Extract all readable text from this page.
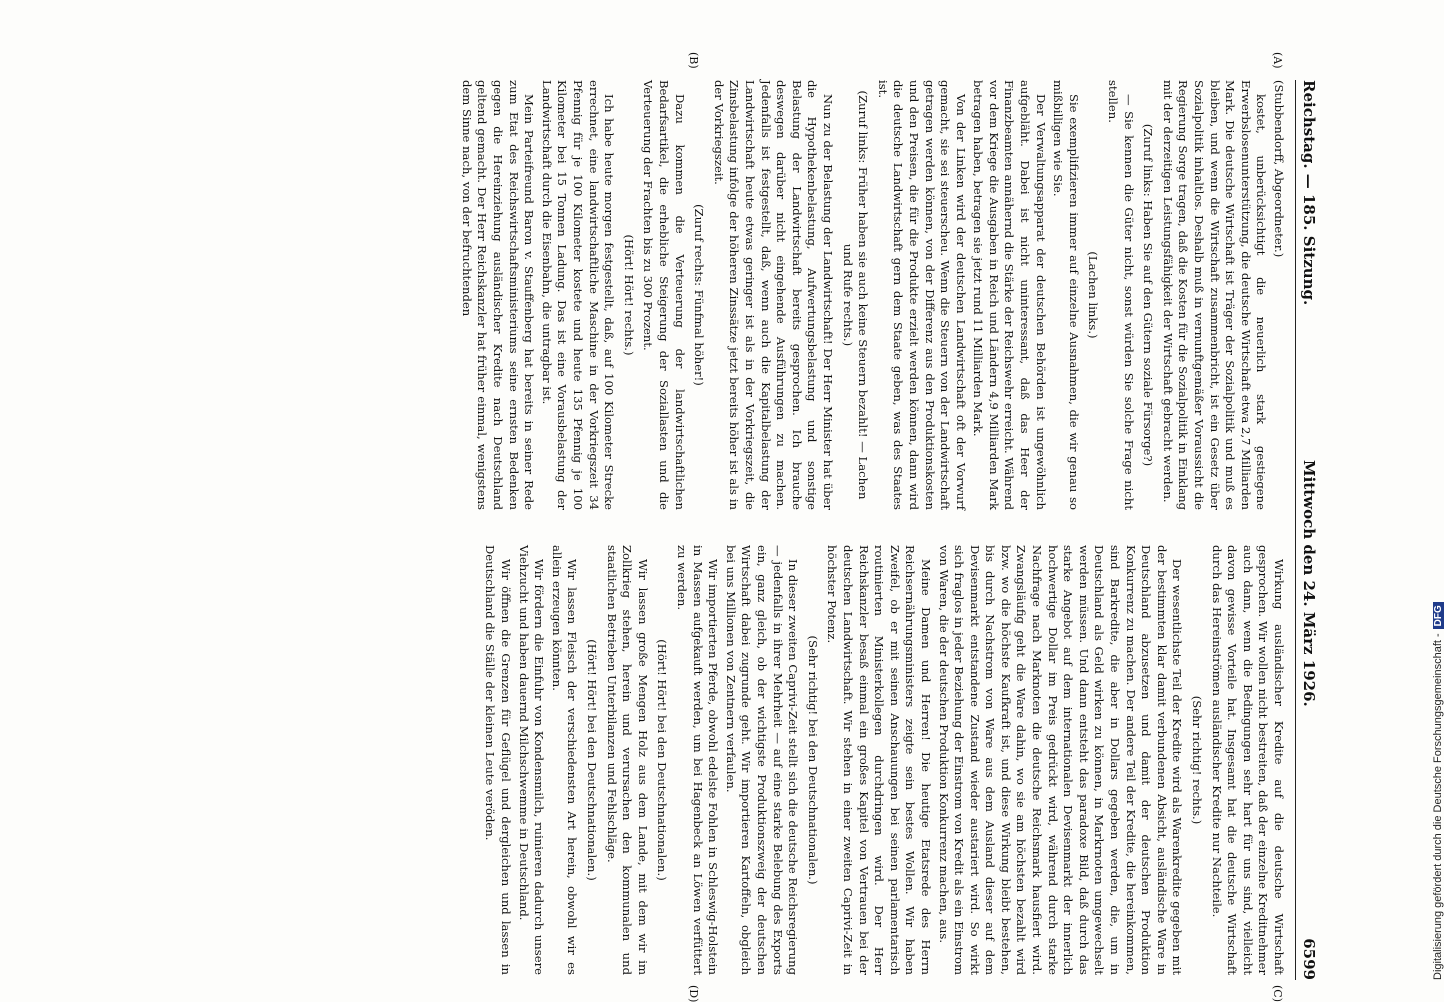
Reichstag. — 185. Sitzung.
Mittwoch den 24. März 1926.
6599
(A)
(B)
(C)
(D)

(Stubbendorff, Abgeordneter.)

kostet, unberücksichtigt die neuerlich stark gestiegene Erwerbslosenunterstützung, die deutsche Wirtschaft etwa 2,7 Milliarden Mark. Die deutsche Wirtschaft ist Träger der Sozialpolitik und muß es bleiben, und wenn die Wirtschaft zusammenbricht, ist ein Gesetz über Sozialpolitik inhaltlos. Deshalb muß in vernunftgemäßer Voraussicht die Regierung Sorge tragen, daß die Kosten für die Sozialpolitik in Einklang mit der derzeitigen Leistungsfähigkeit der Wirtschaft gebracht werden.

(Zuruf links: Haben Sie auf den Gütern soziale Fürsorge?)

— Sie kennen die Güter nicht, sonst würden Sie solche Frage nicht stellen.

(Lachen links.)

Sie exemplifizieren immer auf einzelne Ausnahmen, die wir genau so mißbilligen wie Sie.

Der Verwaltungsapparat der deutschen Behörden ist ungewöhnlich aufgebläht. Dabei ist nicht uninteressant, daß das Heer der Finanzbeamten annähernd die Stärke der Reichswehr erreicht. Während vor dem Kriege die Ausgaben in Reich und Ländern 4,9 Milliarden Mark betragen haben, betragen sie jetzt rund 11 Milliarden Mark.

Von der Linken wird der deutschen Landwirtschaft oft der Vorwurf gemacht, sie sei steuerscheu. Wenn die Steuern von der Landwirtschaft getragen werden können, von der Differenz aus den Produktionskosten und den Preisen, die für die Produkte erzielt werden können, dann wird die deutsche Landwirtschaft gern dem Staate geben, was des Staates ist.

(Zuruf links: Früher haben sie auch keine Steuern bezahlt! — Lachen und Rufe rechts.)

Nun zu der Belastung der Landwirtschaft! Der Herr Minister hat über die Hypothekenbelastung, Aufwertungsbelastung und sonstige Belastung der Landwirtschaft bereits gesprochen. Ich brauche deswegen darüber nicht eingehende Ausführungen zu machen. Jedenfalls ist festgestellt, daß, wenn auch die Kapitalbelastung der Landwirtschaft heute etwas geringer ist als in der Vorkriegszeit, die Zinsbelastung infolge der höheren Zinssätze jetzt bereits höher ist als in der Vorkriegszeit.

(Zuruf rechts: Fünfmal höher!)

Dazu kommen die Verteuerung der landwirtschaftlichen Bedarfsartikel, die erhebliche Steigerung der Soziallasten und die Verteuerung der Frachten bis zu 300 Prozent.

(Hört! Hört! rechts.)

Ich habe heute morgen festgestellt, daß, auf 100 Kilometer Strecke errechnet, eine landwirtschaftliche Maschine in der Vorkriegszeit 34 Pfennig für je 100 Kilometer kostete und heute 135 Pfennig je 100 Kilometer bei 15 Tonnen Ladung. Das ist eine Vorausbelastung der Landwirtschaft durch die Eisenbahn, die untragbar ist.

Mein Parteifreund Baron v. Stauffenberg hat bereits in seiner Rede zum Etat des Reichswirtschaftsministeriums seine ernsten Bedenken gegen die Hereinziehung ausländischer Kredite nach Deutschland geltend gemacht. Der Herr Reichskanzler hat früher einmal, wenigstens dem Sinne nach, von der befruchtenden

Wirkung ausländischer Kredite auf die deutsche Wirtschaft gesprochen. Wir wollen nicht bestreiten, daß der einzelne Kreditnehmer auch dann, wenn die Bedingungen sehr hart für uns sind, vielleicht davon gewisse Vorteile hat. Insgesamt hat die deutsche Wirtschaft durch das Hereinströmen ausländischer Kredite nur Nachteile.

(Sehr richtig! rechts.)

Der wesentlichste Teil der Kredite wird als Warenkredite gegeben mit der bestimmten klar damit verbundenen Absicht, ausländische Ware in Deutschland abzusetzen und damit der deutschen Produktion Konkurrenz zu machen. Der andere Teil der Kredite, die hereinkommen, sind Barkredite, die aber in Dollars gegeben werden, die, um in Deutschland als Geld wirken zu können, in Markrnoten umgewechselt werden müssen. Und dann entsteht das paradoxe Bild, daß durch das starke Angebot auf dem internationalen Devisenmarkt der innerlich hochwertige Dollar im Preis gedrückt wird, während durch starke Nachfrage nach Marknoten die deutsche Reichsmark hausfiert wird. Zwangsläufig geht die Ware dahin, wo sie am höchsten bezahlt wird bzw. wo die höchste Kaufkraft ist, und diese Wirkung bleibt bestehen, bis durch Nachstrom von Ware aus dem Ausland dieser auf dem Devisenmarkt entstandene Zustand wieder austariert wird. So wirkt sich fraglos in jeder Beziehung der Einstrom von Kredit als ein Einstrom von Waren, die der deutschen Produktion Konkurrenz machen, aus.

Meine Damen und Herren! Die heutige Etatsrede des Herrn Reichsernährungsministers zeigte sein bestes Wollen. Wir haben Zweifel, ob er mit seinen Anschauungen bei seinen parlamentarisch routinierten Ministerkollegen durchdringen wird. Der Herr Reichskanzler besaß einmal ein großes Kapitel von Vertrauen bei der deutschen Landwirtschaft. Wir stehen in einer zweiten Caprivi-Zeit in höchster Potenz.

(Sehr richtig! bei den Deutschnationalen.)

In dieser zweiten Caprivi-Zeit stellt sich die deutsche Reichsregierung — jedenfalls in ihrer Mehrheit — auf eine starke Belebung des Exports ein, ganz gleich, ob der wichtigste Produktionszweig der deutschen Wirtschaft dabei zugrunde geht. Wir importieren Kartoffeln, obgleich bei uns Millionen von Zentnern verfaulen.

Wir importierten Pferde, obwohl edelste Fohlen in Schleswig-Holstein in Massen aufgekauft werden, um bei Hagenbeck an Löwen verfüttert zu werden.

(Hört! Hört! bei den Deutschnationalen.)

Wir lassen große Mengen Holz aus dem Lande, mit dem wir im Zollkrieg stehen, herein und verursachen den kommunalen und staatlichen Betrieben Unterbilanzen und Fehlschläge.

(Hört! Hört! bei den Deutschnationalen.)

Wir lassen Fleisch der verschiedensten Art herein, obwohl wir es allein erzeugen könnten.

Wir fördern die Einfuhr von Kondensmilch, ruinieren dadurch unsere Viehzucht und haben dauernd Milchschwemme in Deutschland.

Wir öffnen die Grenzen für Geflügel und dergleichen und lassen in Deutschland die Ställe der kleinen Leute veröden.	Digitalisierung gefördert durch die Deutsche Forschungsgemeinschaft -DFG
